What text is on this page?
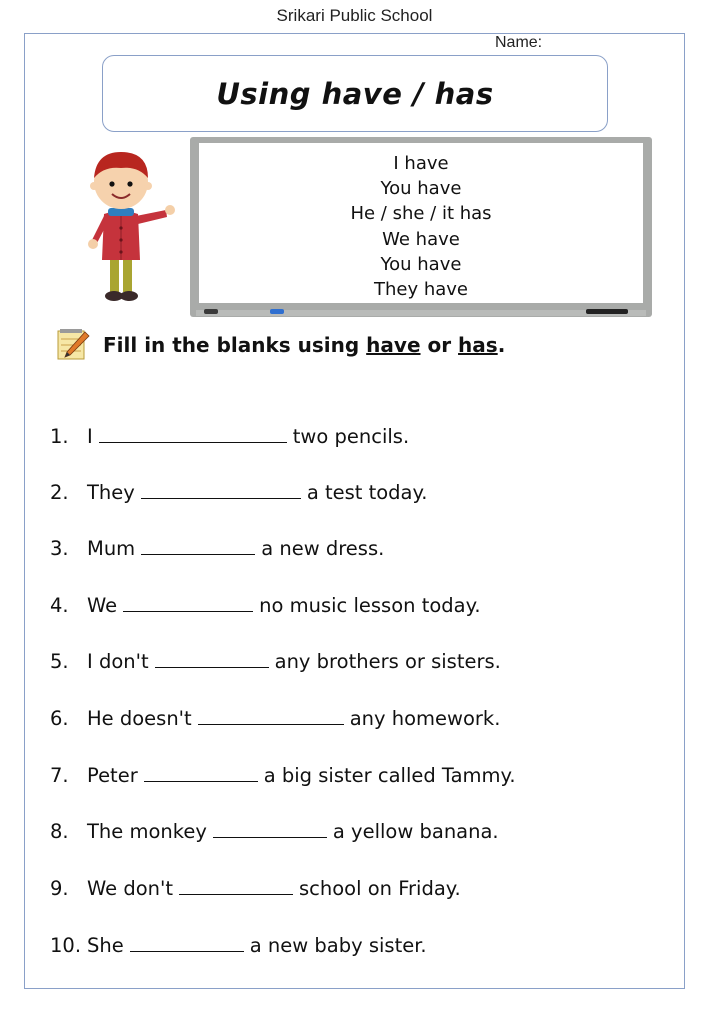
Srikari Public School
Name:
Using have / has
I have
You have
He / she / it has
We have
You have
They have
Fill in the blanks using have or has.
1. I	two pencils.
2. They	a test today.
3. Mum	a new dress.
4. We	no music lesson today.
5. I don't	any brothers or sisters.
6. He doesn't	any homework.
7. Peter	a big sister called Tammy.
8. The monkey	a yellow banana.
9. We don't	school on Friday.
10. She	a new baby sister.
